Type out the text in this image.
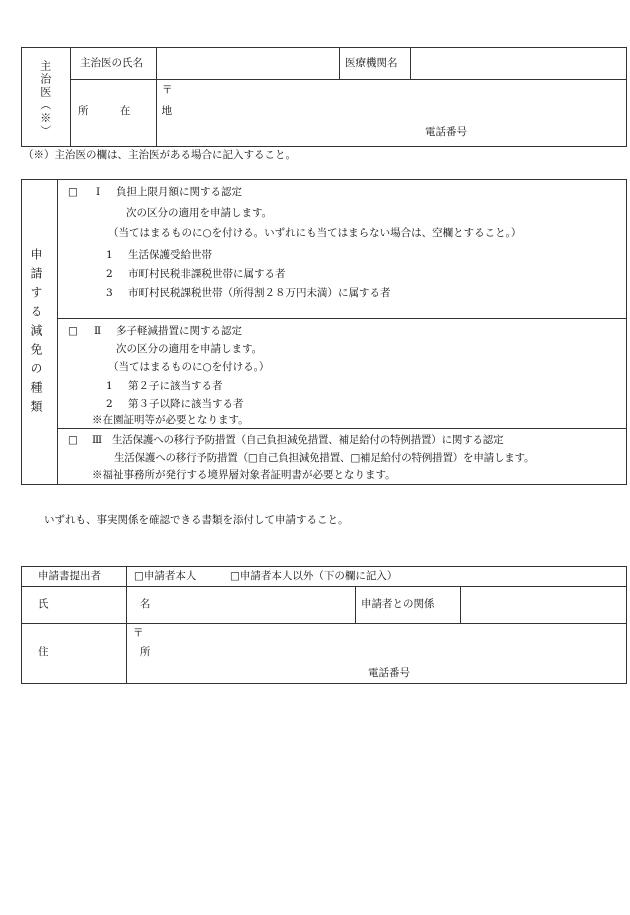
主治医（※）	主治医の氏名	医療機関名
所 在 地
〒
電話番号
（※）主治医の欄は、主治医がある場合に記入すること。
申請する減免の種類
□ Ⅰ 負担上限月額に関する認定
次の区分の適用を申請します。
（当てはまるものに○を付ける。いずれにも当てはまらない場合は、空欄とすること。）
1 生活保護受給世帯
2 市町村民税非課税世帯に属する者
3 市町村民税課税世帯（所得割２８万円未満）に属する者
□ Ⅱ 多子軽減措置に関する認定
次の区分の適用を申請します。
（当てはまるものに○を付ける。）
1 第２子に該当する者
2 第３子以降に該当する者
※在園証明等が必要となります。
□ Ⅲ 生活保護への移行予防措置（自己負担減免措置、補足給付の特例措置）に関する認定
生活保護への移行予防措置（□自己負担減免措置、□補足給付の特例措置）を申請します。
※福祉事務所が発行する境界層対象者証明書が必要となります。
いずれも、事実関係を確認できる書類を添付して申請すること。
申請書提出者	□申請者本人	□申請者本人以外（下の欄に記入）
氏 名	申請者との関係
住 所
〒
電話番号
